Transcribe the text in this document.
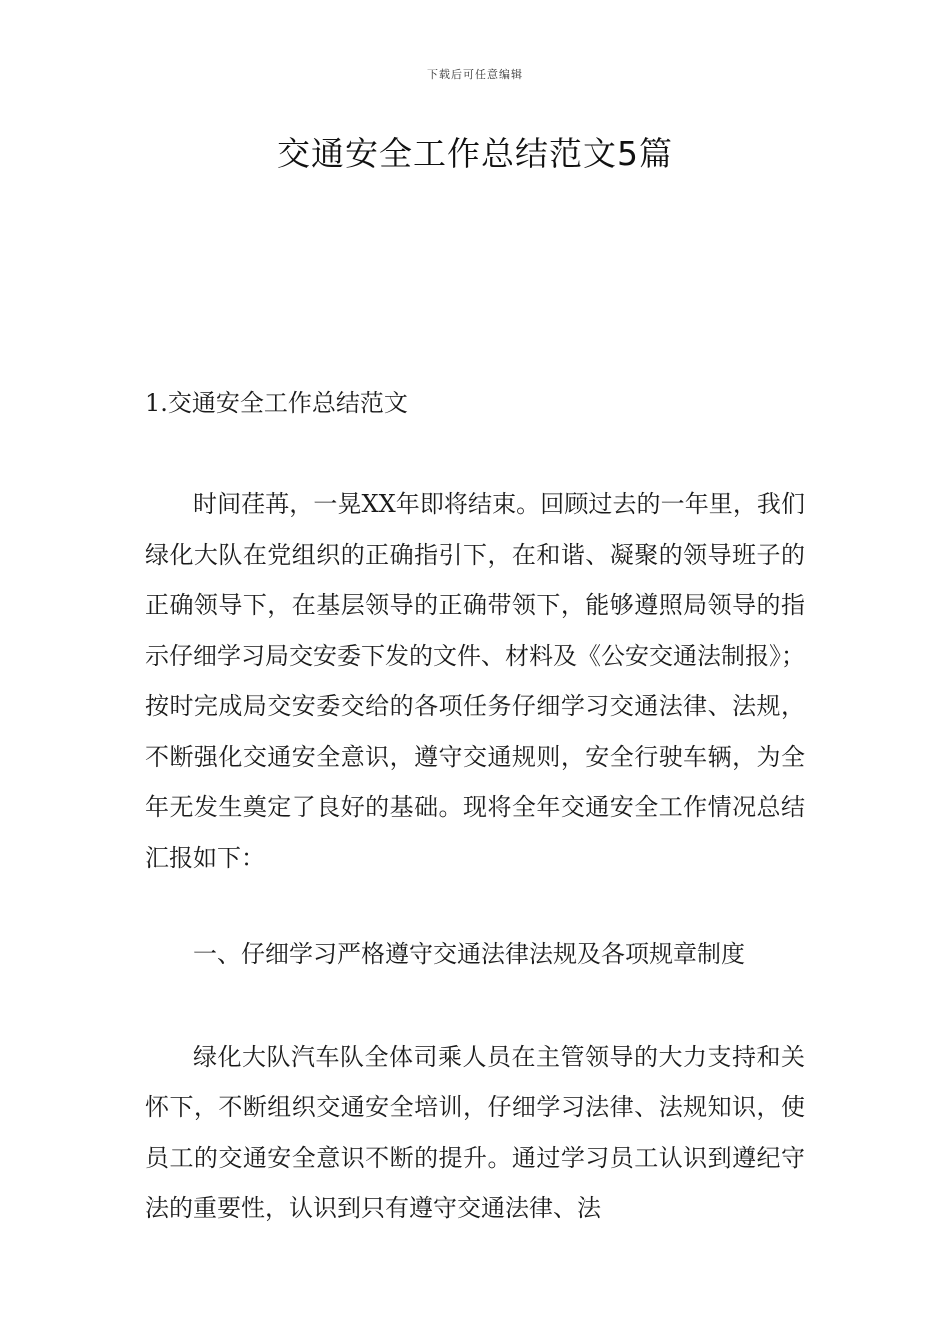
下载后可任意编辑
交通安全工作总结范文5篇

1.交通安全工作总结范文

时间荏苒，一晃XX年即将结束。回顾过去的一年里，我们绿化大队在党组织的正确指引下，在和谐、凝聚的领导班子的正确领导下，在基层领导的正确带领下，能够遵照局领导的指示仔细学习局交安委下发的文件、材料及《公安交通法制报》；按时完成局交安委交给的各项任务仔细学习交通法律、法规，不断强化交通安全意识，遵守交通规则，安全行驶车辆，为全年无发生奠定了良好的基础。现将全年交通安全工作情况总结汇报如下：

一、仔细学习严格遵守交通法律法规及各项规章制度

绿化大队汽车队全体司乘人员在主管领导的大力支持和关怀下，不断组织交通安全培训，仔细学习法律、法规知识，使员工的交通安全意识不断的提升。通过学习员工认识到遵纪守法的重要性，认识到只有遵守交通法律、法
